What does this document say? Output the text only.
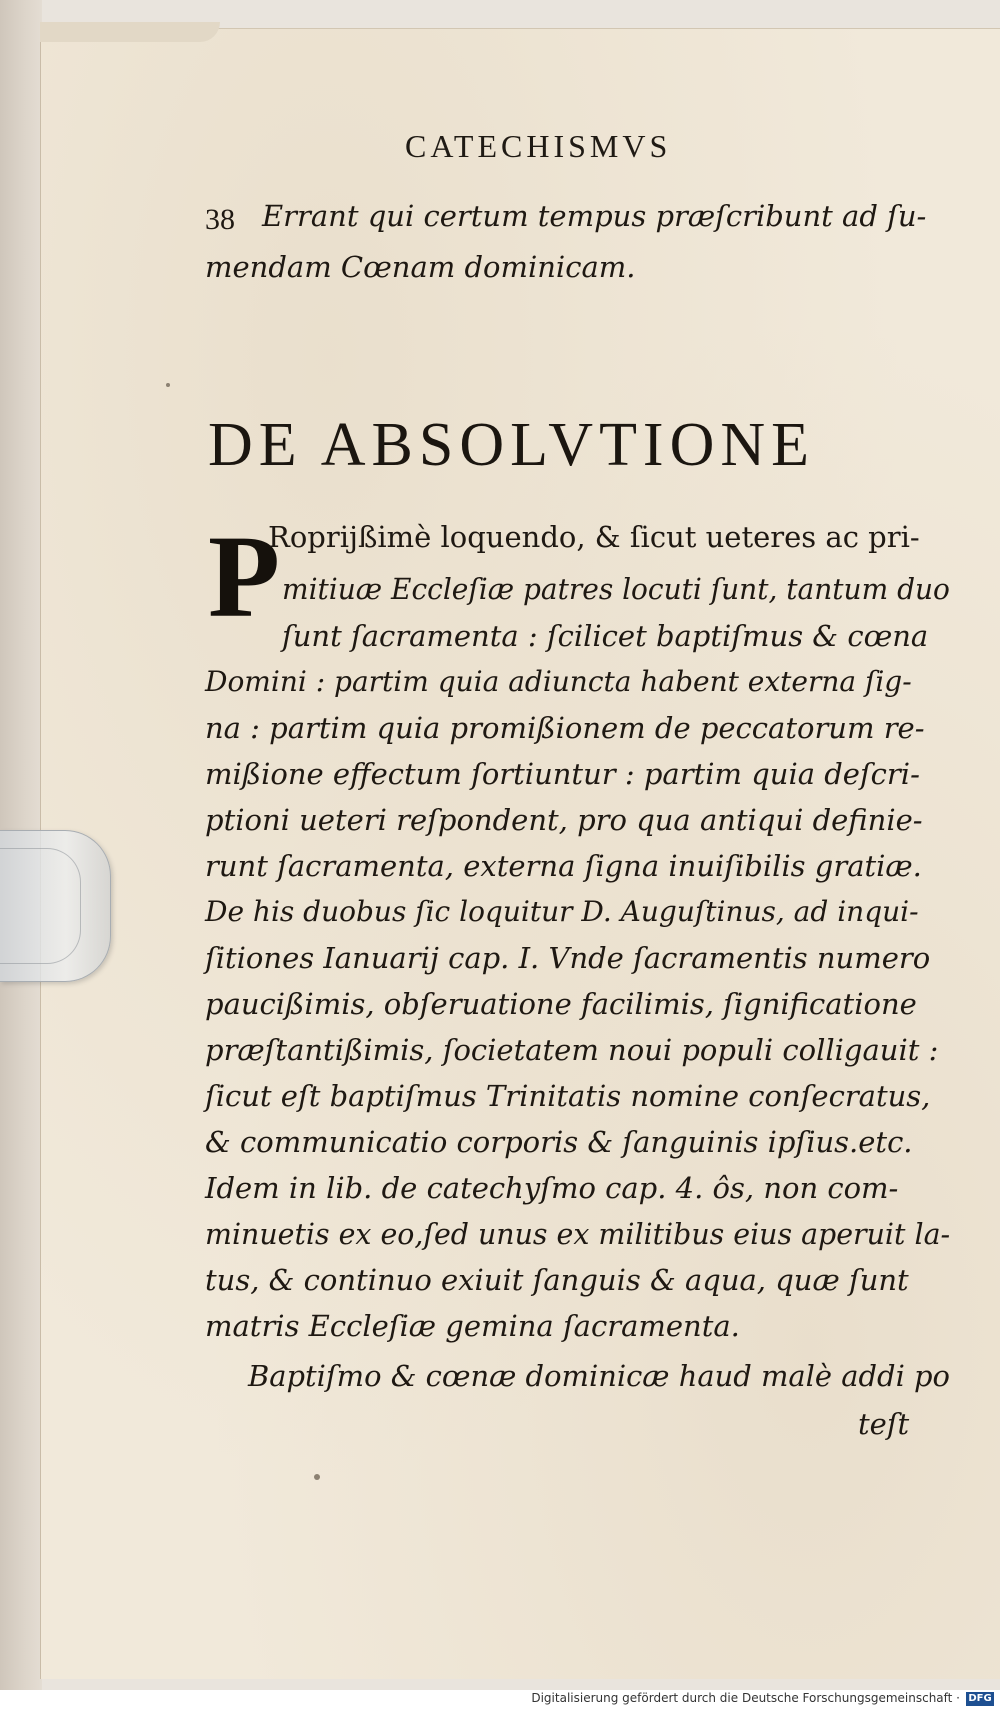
CATECHISMVS
38 Errant qui certum tempus præſcribunt ad ſu-
mendam Cœnam dominicam.
DE ABSOLVTIONE
P
Ropriјßimè loquendo, & ſicut ueteres ac pri-
mitiuæ Eccleſiæ patres locuti ſunt, tantum duo
ſunt ſacramenta : ſcilicet baptiſmus & cœna
Domini : partim quia adiuncta habent externa ſig-
na : partim quia promißionem de peccatorum re-
mißione effectum ſortiuntur : partim quia deſcri-
ptioni ueteri reſpondent, pro qua antiqui definie-
runt ſacramenta, externa ſigna inuiſibilis gratiæ.
De his duobus ſic loquitur D. Auguſtinus, ad inqui-
ſitiones Ianuarij cap. I. Vnde ſacramentis numero
paucißimis, obſeruatione facilimis, ſignificatione
præſtantißimis, ſocietatem noui populi colligauit :
ſicut eſt baptiſmus Trinitatis nomine conſecratus,
& communicatio corporis & ſanguinis ipſius.etc.
Idem in lib. de catechyſmo cap. 4. ôs, non com-
minuetis ex eo,ſed unus ex militibus eius aperuit la-
tus, & continuo exiuit ſanguis & aqua, quæ ſunt
matris Eccleſiæ gemina ſacramenta.
Baptiſmo & cœnæ dominicæ haud malè addi po
teſt
Digitalisierung gefördert durch die Deutsche Forschungsgemeinschaft · DFG
